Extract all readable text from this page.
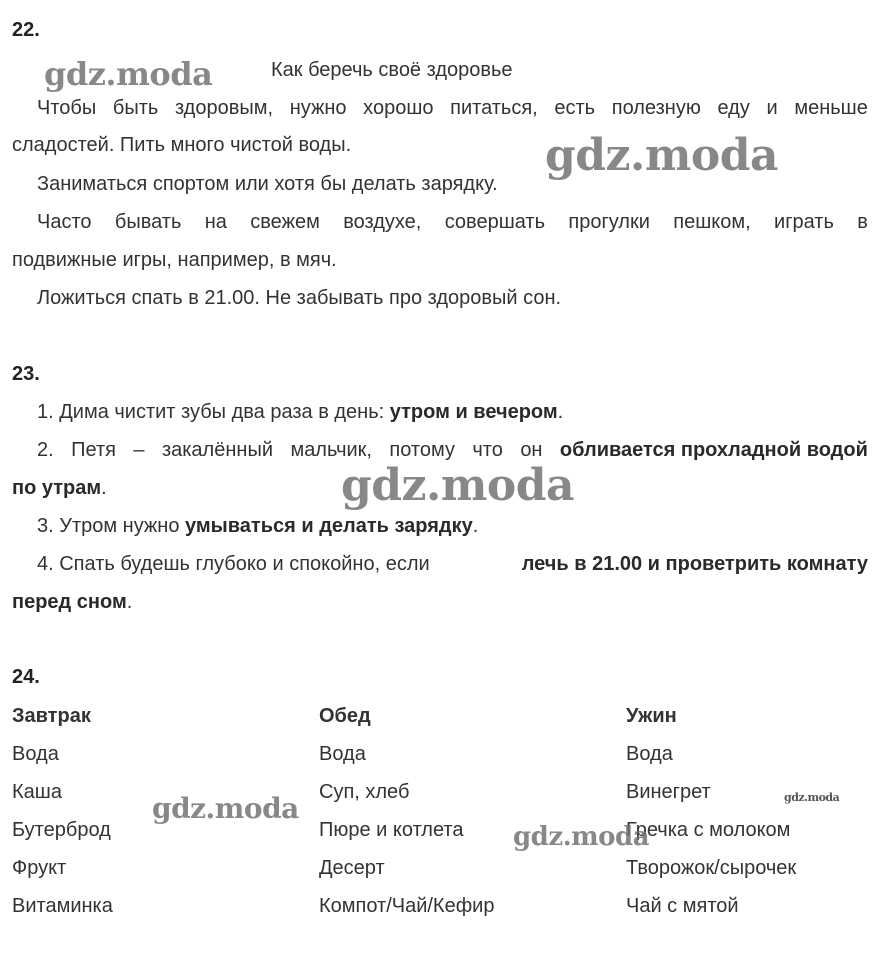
22.
Как беречь своё здоровье
Чтобы быть здоровым, нужно хорошо питаться, есть полезную еду и меньше
сладостей. Пить много чистой воды.
Заниматься спортом или хотя бы делать зарядку.
Часто бывать на свежем воздухе, совершать прогулки пешком, играть в
подвижные игры, например, в мяч.
Ложиться спать в 21.00. Не забывать про здоровый сон.
23.
1. Дима чистит зубы два раза в день: утром и вечером.
2. Петя – закалённый мальчик, потому что он обливается прохладной водой
по утрам.
3. Утром нужно умываться и делать зарядку.
4. Спать будешь глубоко и спокойно, если	лечь в 21.00 и проветрить комнату
перед сном.
24.
Завтрак
Вода
Каша
Бутерброд
Фрукт
Витаминка
Обед
Вода
Суп, хлеб
Пюре и котлета
Десерт
Компот/Чай/Кефир
Ужин
Вода
Винегрет
Гречка с молоком
Творожок/сырочек
Чай с мятой
gdz.moda
gdz.moda
gdz.moda
gdz.moda
gdz.moda
gdz.moda
